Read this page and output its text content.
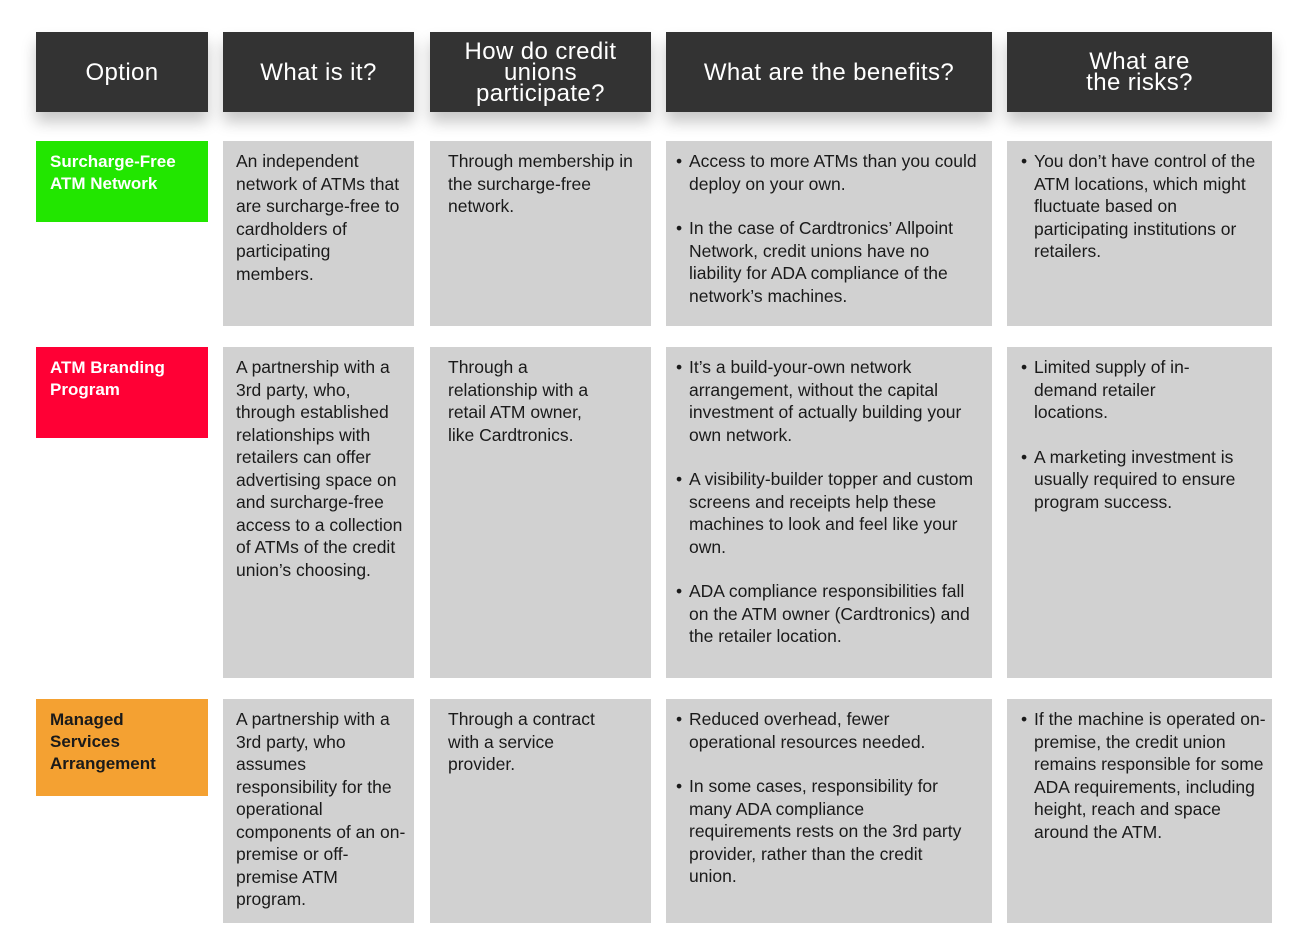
Option	What is it?
How do credit unions participate?
What are the benefits?	What are the risks?
Surcharge-Free ATM Network

An independent network of ATMs that are surcharge-free to cardholders of participating members.

Through membership in the surcharge-free network.

• Access to more ATMs than you could deploy on your own.
• In the case of Cardtronics’ Allpoint Network, credit unions have no liability for ADA compliance of the network’s machines.
• You don’t have control of the ATM locations, which might fluctuate based on participating institutions or retailers.
ATM Branding Program

A partnership with a 3rd party, who, through established relationships with retailers can offer advertising space on and surcharge-free access to a collection of ATMs of the credit union’s choosing.

Through a relationship with a retail ATM owner, like Cardtronics.

• It’s a build-your-own network arrangement, without the capital investment of actually building your own network.
• A visibility-builder topper and custom screens and receipts help these machines to look and feel like your own.
• ADA compliance responsibilities fall on the ATM owner (Cardtronics) and the retailer location.
• Limited supply of in-demand retailer locations.
• A marketing investment is usually required to ensure program success.
Managed Services Arrangement

A partnership with a 3rd party, who assumes responsibility for the operational components of an on-premise or off-premise ATM program.

Through a contract with a service provider.

• Reduced overhead, fewer operational resources needed.
• In some cases, responsibility for many ADA compliance requirements rests on the 3rd party provider, rather than the credit union.
• If the machine is operated on-premise, the credit union remains responsible for some ADA requirements, including height, reach and space around the ATM.
